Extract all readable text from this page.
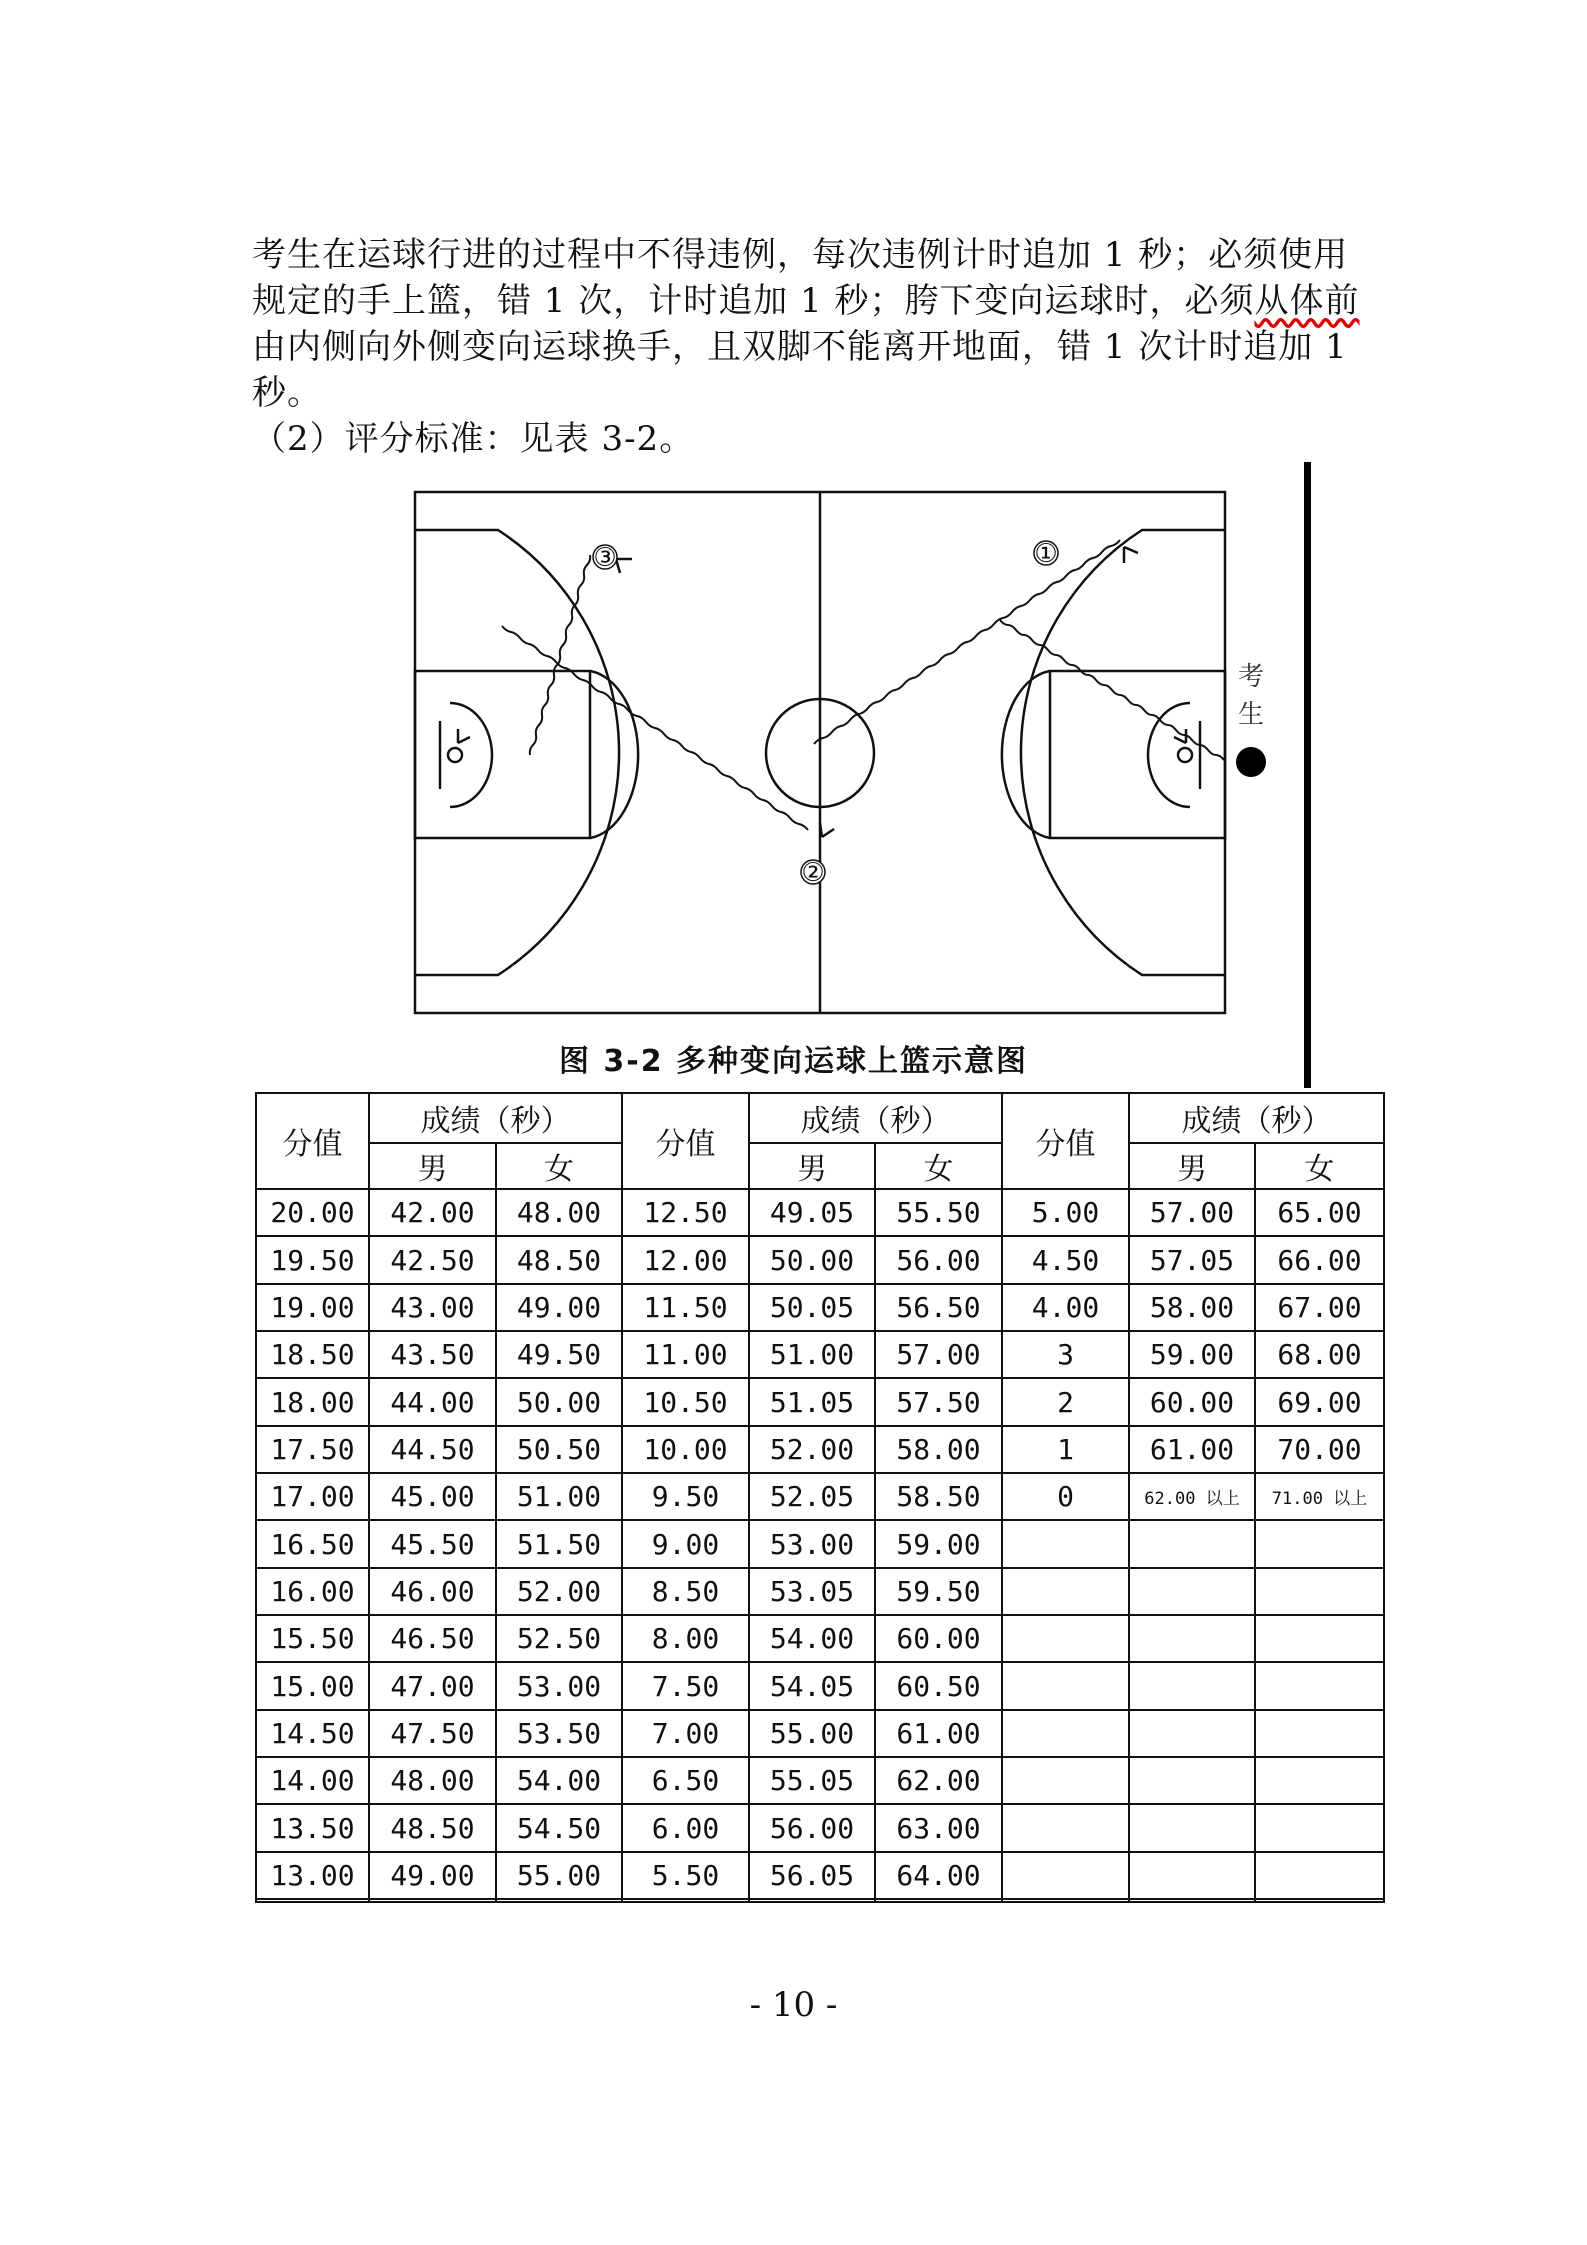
考生在运球行进的过程中不得违例，每次违例计时追加 1 秒；必须使用
规定的手上篮，错 1 次，计时追加 1 秒；胯下变向运球时，必须从体前
由内侧向外侧变向运球换手，且双脚不能离开地面，错 1 次计时追加 1
秒。
（2）评分标准：见表 3-2。
③	①
②
考
生
图 3-2 多种变向运球上篮示意图
分值	成绩（秒）		分值	成绩（秒）		分值	成绩（秒）	
	男	女		男	女		男	女
20.00	42.00	48.00	12.50	49.05	55.50	5.00	57.00	65.00
19.50	42.50	48.50	12.00	50.00	56.00	4.50	57.05	66.00
19.00	43.00	49.00	11.50	50.05	56.50	4.00	58.00	67.00
18.50	43.50	49.50	11.00	51.00	57.00	3	59.00	68.00
18.00	44.00	50.00	10.50	51.05	57.50	2	60.00	69.00
17.50	44.50	50.50	10.00	52.00	58.00	1	61.00	70.00
17.00	45.00	51.00	9.50	52.05	58.50	0	62.00 以上	71.00 以上
16.50	45.50	51.50	9.00	53.00	59.00			
16.00	46.00	52.00	8.50	53.05	59.50			
15.50	46.50	52.50	8.00	54.00	60.00			
15.00	47.00	53.00	7.50	54.05	60.50			
14.50	47.50	53.50	7.00	55.00	61.00			
14.00	48.00	54.00	6.50	55.05	62.00			
13.50	48.50	54.50	6.00	56.00	63.00			
13.00	49.00	55.00	5.50	56.05	64.00			

- 10 -
